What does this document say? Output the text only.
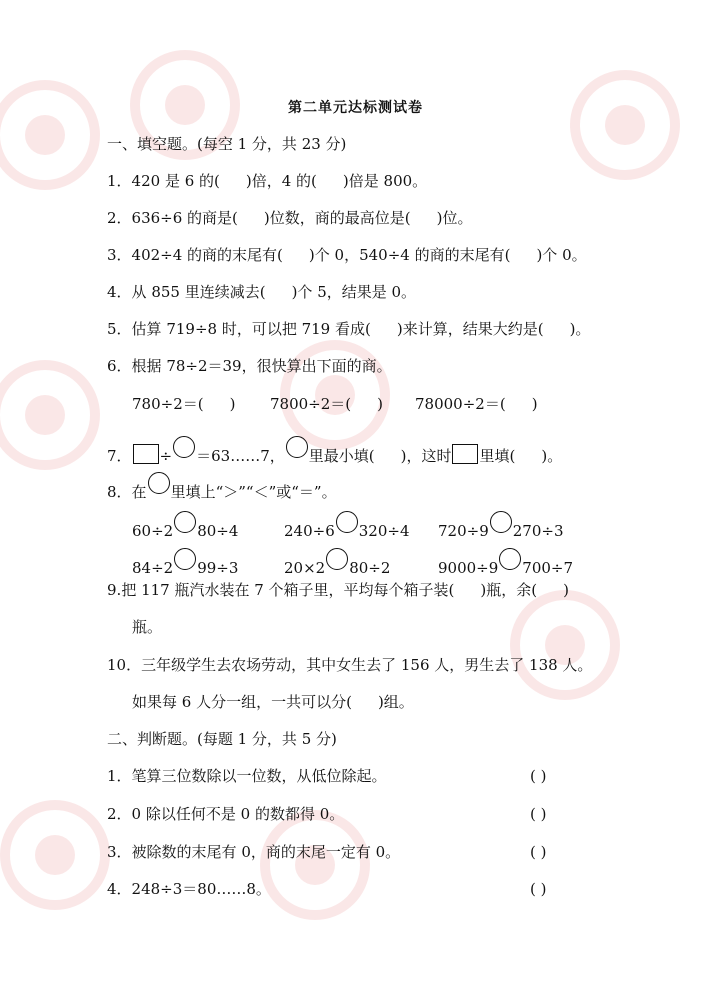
第二单元达标测试卷
一、填空题。(每空 1 分，共 23 分)
1．420 是 6 的( )倍，4 的( )倍是 800。
2．636÷6 的商是( )位数，商的最高位是( )位。
3．402÷4 的商的末尾有( )个 0，540÷4 的商的末尾有( )个 0。
4．从 855 里连续减去( )个 5，结果是 0。
5．估算 719÷8 时，可以把 719 看成( )来计算，结果大约是( )。
6．根据 78÷2＝39，很快算出下面的商。
780÷2＝( ) 7800÷2＝( ) 78000÷2＝( )
7． ÷ ＝63……7， 里最小填( )，这时 里填( )。
8．在 里填上“＞”“＜”或“＝”。
60÷2 80÷4	240÷6 320÷4 720÷9 270÷3
84÷2 99÷3	20×2 80÷2	9000÷9 700÷7
9.把 117 瓶汽水装在 7 个箱子里，平均每个箱子装( )瓶，余( )
瓶。
10．三年级学生去农场劳动，其中女生去了 156 人，男生去了 138 人。
如果每 6 人分一组，一共可以分( )组。
二、判断题。(每题 1 分，共 5 分)
1．笔算三位数除以一位数，从低位除起。	( )
2．0 除以任何不是 0 的数都得 0。	( )
3．被除数的末尾有 0，商的末尾一定有 0。	( )
4．248÷3＝80……8。	( )
